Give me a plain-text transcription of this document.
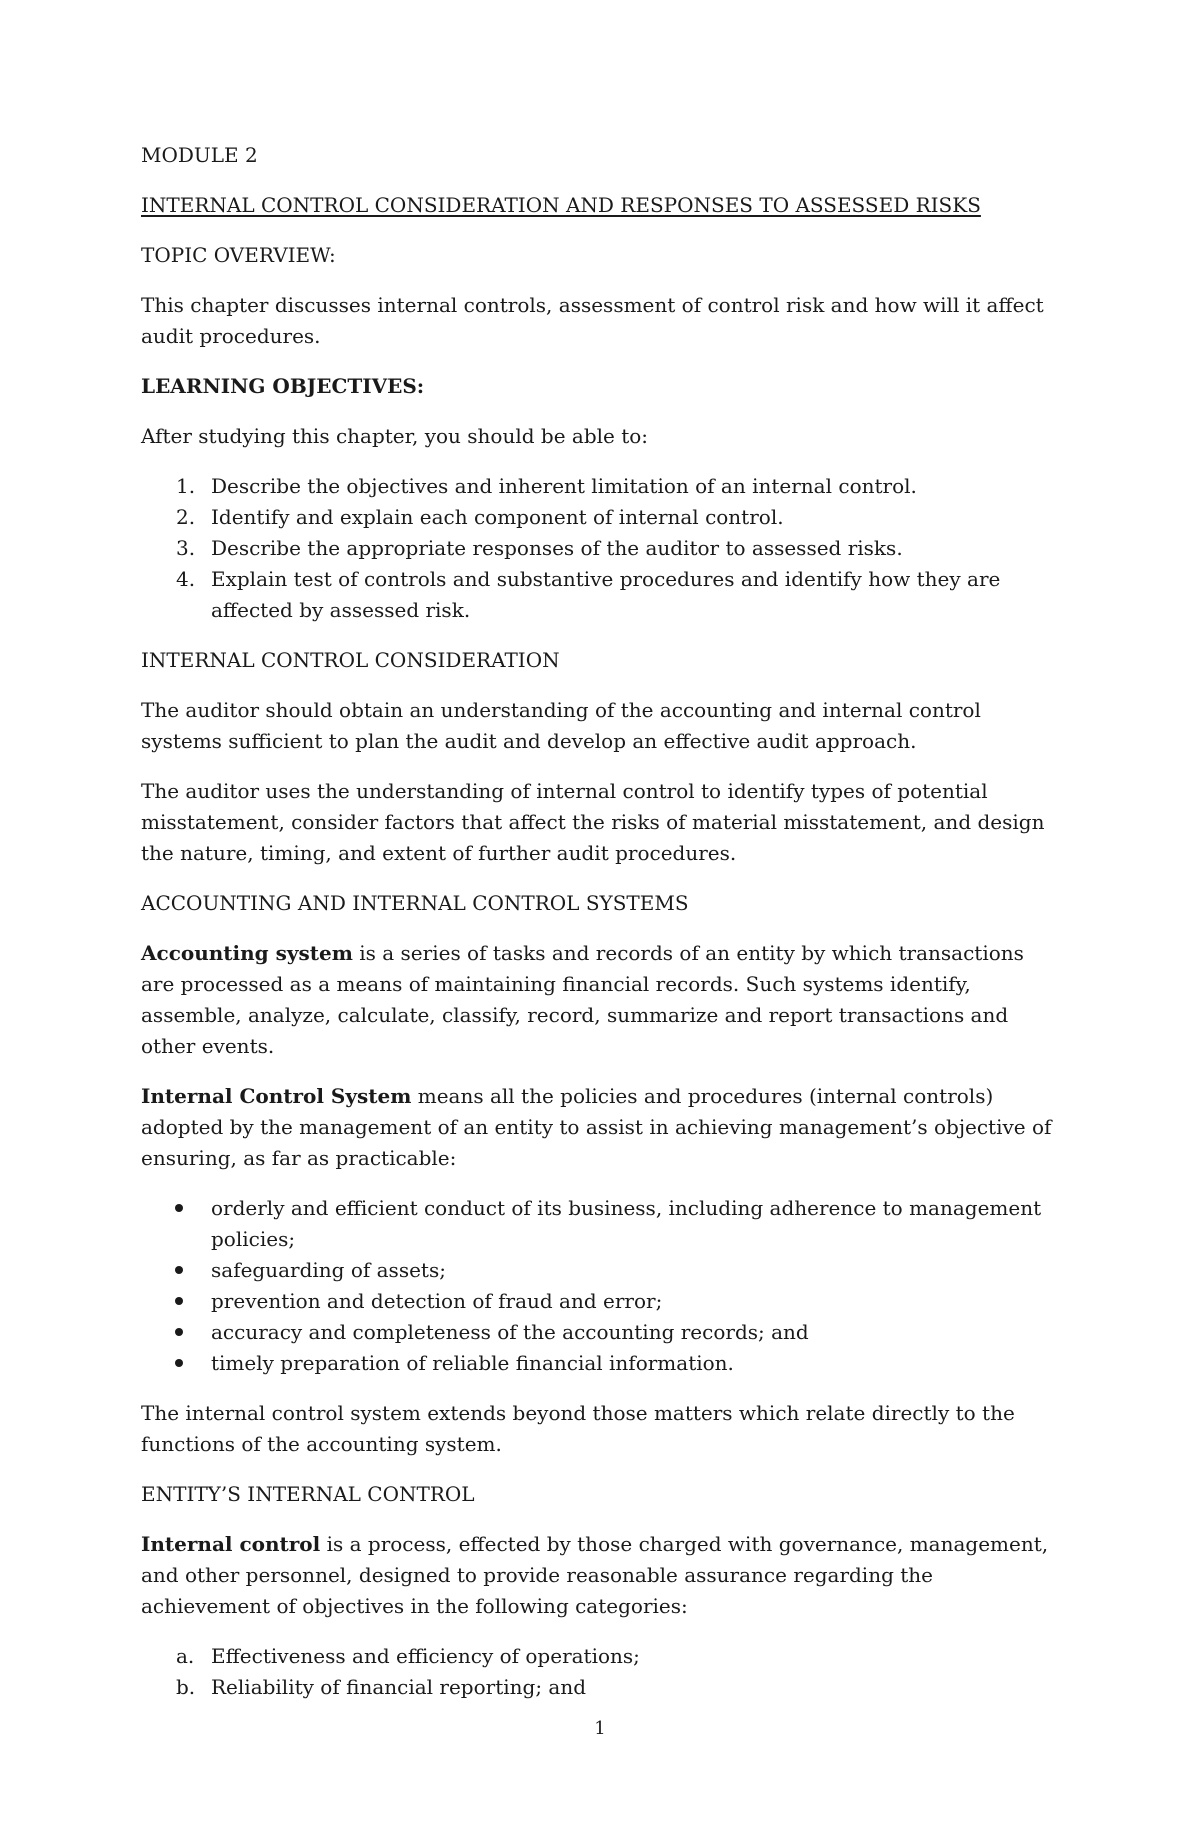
MODULE 2

INTERNAL CONTROL CONSIDERATION AND RESPONSES TO ASSESSED RISKS

TOPIC OVERVIEW:

This chapter discusses internal controls, assessment of control risk and how will it affect audit procedures.

LEARNING OBJECTIVES:

After studying this chapter, you should be able to:

1. Describe the objectives and inherent limitation of an internal control.
2. Identify and explain each component of internal control.
3. Describe the appropriate responses of the auditor to assessed risks.
4. Explain test of controls and substantive procedures and identify how they are affected by assessed risk.

INTERNAL CONTROL CONSIDERATION

The auditor should obtain an understanding of the accounting and internal control systems sufficient to plan the audit and develop an effective audit approach.

The auditor uses the understanding of internal control to identify types of potential misstatement, consider factors that affect the risks of material misstatement, and design the nature, timing, and extent of further audit procedures.

ACCOUNTING AND INTERNAL CONTROL SYSTEMS

Accounting system is a series of tasks and records of an entity by which transactions are processed as a means of maintaining financial records. Such systems identify, assemble, analyze, calculate, classify, record, summarize and report transactions and other events.

Internal Control System means all the policies and procedures (internal controls) adopted by the management of an entity to assist in achieving management’s objective of ensuring, as far as practicable:

orderly and efficient conduct of its business, including adherence to management policies;
safeguarding of assets;
prevention and detection of fraud and error;
accuracy and completeness of the accounting records; and
timely preparation of reliable financial information.

The internal control system extends beyond those matters which relate directly to the functions of the accounting system.

ENTITY’S INTERNAL CONTROL

Internal control is a process, effected by those charged with governance, management, and other personnel, designed to provide reasonable assurance regarding the achievement of objectives in the following categories:

a. Effectiveness and efficiency of operations;
b. Reliability of financial reporting; and
1
